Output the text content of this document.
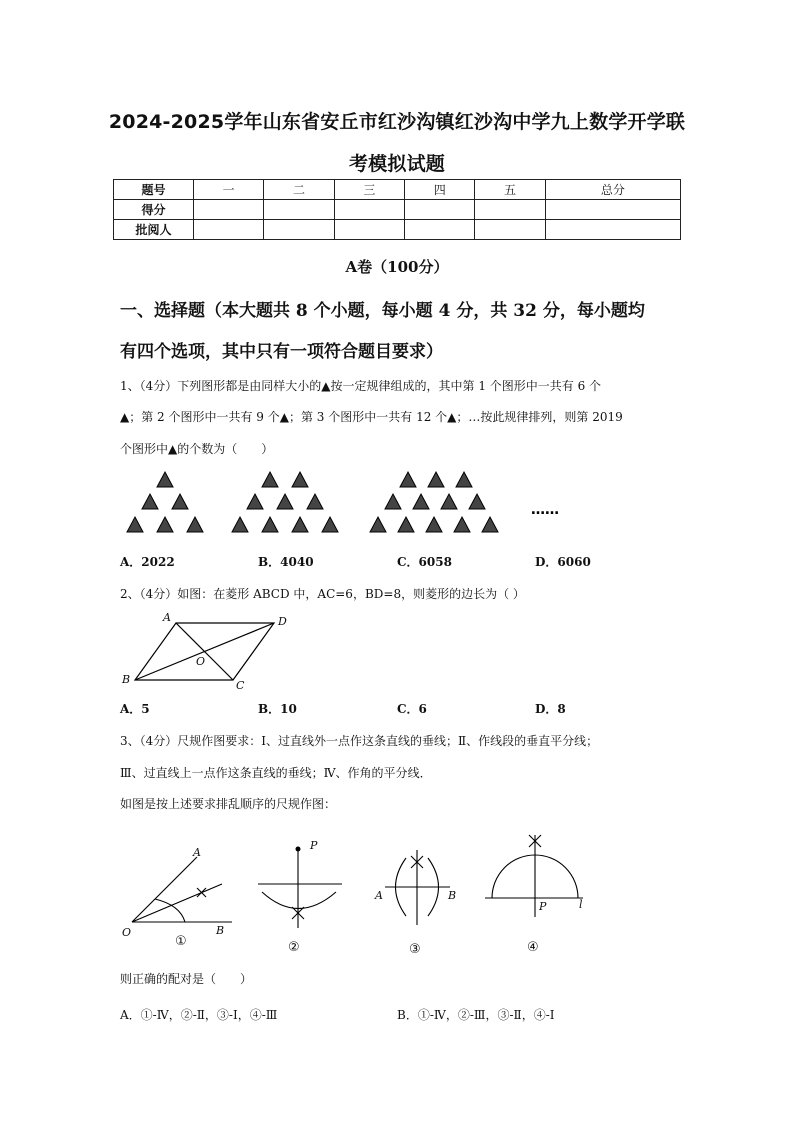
2024-2025学年山东省安丘市红沙沟镇红沙沟中学九上数学开学联
考模拟试题
题号	一	二	三	四	五	总分
得分						
批阅人						
A卷（100分）
一、选择题（本大题共 8 个小题，每小题 4 分，共 32 分，每小题均
有四个选项，其中只有一项符合题目要求）
1、（4分）下列图形都是由同样大小的▲按一定规律组成的，其中第 1 个图形中一共有 6 个
▲；第 2 个图形中一共有 9 个▲；第 3 个图形中一共有 12 个▲；…按此规律排列，则第 2019
个图形中▲的个数为（　　）
……
A．2022	B．4040	C．6058	D．6060
2、（4分）如图：在菱形 ABCD 中，AC=6，BD=8，则菱形的边长为（ ）
A	D
B	C
O
A．5	B．10	C．6	D．8
3、（4分）尺规作图要求：Ⅰ、过直线外一点作这条直线的垂线；Ⅱ、作线段的垂直平分线；
Ⅲ、过直线上一点作这条直线的垂线；Ⅳ、作角的平分线．
如图是按上述要求排乱顺序的尺规作图：
A
O	B
①
P
②
A	B
③
P	l
④
则正确的配对是（　　）
A．①-Ⅳ，②-Ⅱ，③-Ⅰ，④-Ⅲ	B．①-Ⅳ，②-Ⅲ，③-Ⅱ，④-Ⅰ
